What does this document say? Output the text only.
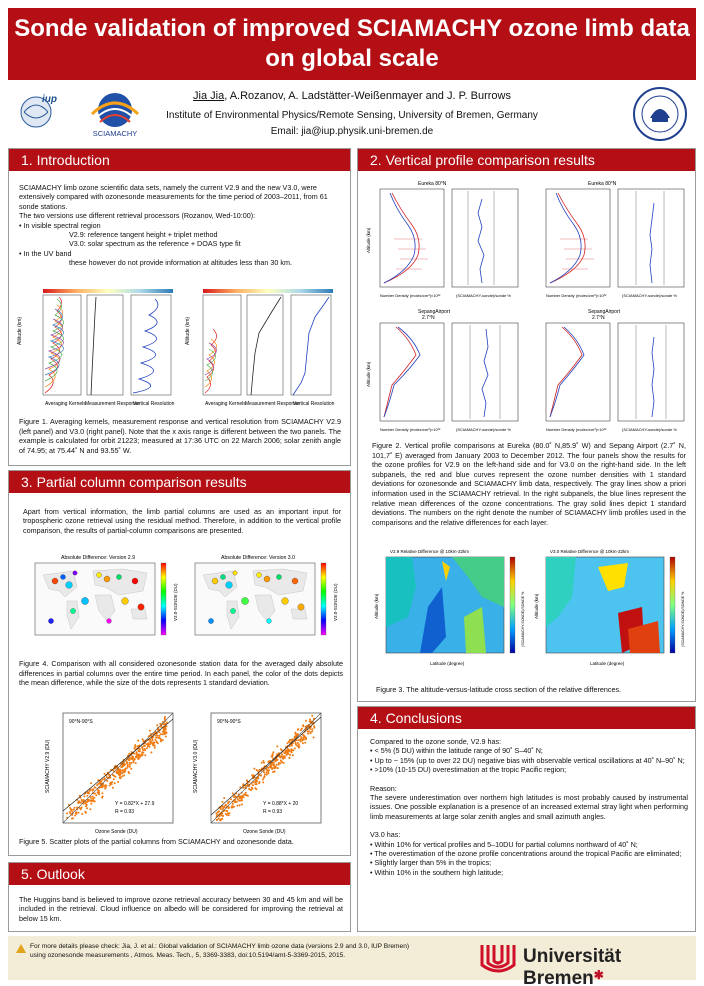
Sonde validation of improved SCIAMACHY ozone limb data on global scale
iup
SCIAMACHY
Jia Jia, A.Rozanov, A. Ladstätter-Weißenmayer and J. P. Burrows
Institute of Environmental Physics/Remote Sensing, University of Bremen, Germany
Email: jia@iup.physik.uni-bremen.de
1. Introduction

SCIAMACHY limb ozone scientific data sets, namely the current V2.9 and the new V3.0, were extensively compared with ozonesonde measurements for the time period of 2003–2011, from 61 sonde stations.

The two versions use different retrieval processors (Rozanov, Wed-10:00):

• In visible spectral region
V2.9: reference tangent height + triplet method
V3.0: solar spectrum as the reference + DOAS type fit
• In the UV band
these however do not provide information at altitudes less than 30 km.
Altitude (km)	Altitude (km)
Averaging Kernels Measurement Response
Vertical Resolution	Averaging Kernels Measurement Response
Vertical Resolution
Figure 1. Averaging kernels, measurement response and vertical resolution from SCIAMACHY V2.9 (left panel) and V3.0 (right panel). Note that the x axis range is different between the two panels. The example is calculated for orbit 21223; measured at 17:36 UTC on 22 March 2006; solar zenith angle of 74.95; at 75.44˚ N and 93.55˚ W.
3. Partial column comparison results
Apart from vertical information, the limb partial columns are used as an important input for tropospheric ozone retrieval using the residual method. Therefore, in addition to the vertical profile comparison, the results of partial-column comparisons are presented.
Absolute Difference: Version 2.9	Absolute Difference: Version 3.0
V3.0-SONDE (DU)	V3.0-SONDE (DU)
Figure 4. Comparison with all considered ozonesonde station data for the averaged daily absolute differences in partial columns over the entire time period. In each panel, the color of the dots depicts the mean difference, while the size of the dots represents 1 standard deviation.
90°N-90°S	90°N-90°S
Y = 0.82*X + 27.9
R = 0.93
Y = 0.88*X + 20
R = 0.93
SCIAMACHY V2.9 (DU)	SCIAMACHY V3.0 (DU)
Ozone Sonde (DU)	Ozone Sonde (DU)
Figure 5. Scatter plots of the partial columns from SCIAMACHY and ozonesonde data.
5. Outlook
The Huggins band is believed to improve ozone retrieval accuracy between 30 and 45 km and will be included in the retrieval. Cloud influence on albedo will be considered for improving the retrieval at below 15 km.
2. Vertical profile comparison results
Eureka 80°N	Eureka 80°N
SepangAirport
2.7°N
SepangAirport
2.7°N
Altitude (km)
Altitude (km)
Number Density (molec/cm³)×10¹²	(SCIAMACHY-sonde)/sonde %	Number Density (molec/cm³)×10¹²	(SCIAMACHY-sonde)/sonde %
Number Density (molec/cm³)×10¹²	(SCIAMACHY-sonde)/sonde %	Number Density (molec/cm³)×10¹²	(SCIAMACHY-sonde)/sonde %
Figure 2. Vertical profile comparisons at Eureka (80.0˚ N,85.9˚ W) and Sepang Airport (2.7˚ N, 101,7˚ E) averaged from January 2003 to December 2012. The four panels show the results for the ozone profiles for V2.9 on the left-hand side and for V3.0 on the right-hand side. In the left subpanels, the red and blue curves represent the ozone number densities with 1 standard deviations for ozonesonde and SCIAMACHY limb data, respectively. The gray lines show a priori information used in the SCIAMACHY retrieval. In the right subpanels, the blue lines represent the relative mean differences of the ozone concentrations. The gray solid lines depict 1 standard deviations. The numbers on the right denote the number of SCIAMACHY limb profiles used in the comparisons and the relative differences for each layer.
V2.9 Relative Difference @ 10km-32km	V3.0 Relative Difference @ 10km-32km
Altitude (km)	Altitude (km)
Latitude (degree)	Latitude (degree)
(SCIAMACHY-SONDE)/SONDE %	(SCIAMACHY-SONDE)/SONDE %
Figure 3. The altitude-versus-latitude cross section of the relative differences.
4. Conclusions

Compared to the ozone sonde, V2.9 has:

• < 5% (5 DU) within the latitude range of 90˚ S–40˚ N;

• Up to − 15% (up to over 22 DU) negative bias with observable vertical oscillations at 40˚ N–90˚ N;

• >10% (10-15 DU) overestimation at the tropic Pacific region;

Reason:

The severe underestimation over northern high latitudes is most probably caused by instrumental issues. One possible explanation is a presence of an increased external stray light when performing limb measurements at large solar zenith angles and small azimuth angles.

V3.0 has:

• Within 10% for vertical profiles and 5–10DU for partial columns northward of 40˚ N;

• The overestimation of the ozone profile concentrations around the tropical Pacific are eliminated;

• Slightly larger than 5% in the tropics;

• Within 10% in the southern high latitude;

For more details please check: Jia, J. et al.: Global validation of SCIAMACHY limb ozone data (versions 2.9 and 3.0, IUP Bremen) using ozonesonde measurements , Atmos. Meas. Tech., 5, 3369-3383, doi:10.5194/amt-5-3369-2015, 2015.	Universität Bremen✱
